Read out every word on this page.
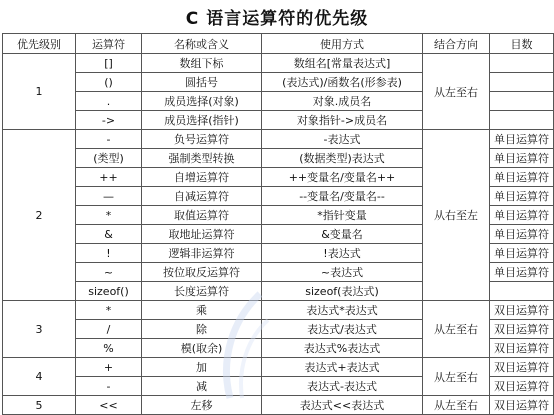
C 语言运算符的优先级
优先级别	运算符	名称或含义	使用方式	结合方向	目数
1	[]	数组下标	数组名[常量表达式]	从左至右	
	()	圆括号	(表达式)/函数名(形参表)		
	.	成员选择(对象)	对象.成员名		
	->	成员选择(指针)	对象指针->成员名		
2	-	负号运算符	-表达式	从右至左	单目运算符
	(类型)	强制类型转换	(数据类型)表达式		单目运算符
	++	自增运算符	++变量名/变量名++		单目运算符
	—	自减运算符	--变量名/变量名--		单目运算符
	*	取值运算符	*指针变量		单目运算符
	&	取地址运算符	&变量名		单目运算符
	!	逻辑非运算符	!表达式		单目运算符
	~	按位取反运算符	~表达式		单目运算符
	sizeof()	长度运算符	sizeof(表达式)		
3	*	乘	表达式*表达式	从左至右	双目运算符
	/	除	表达式/表达式		双目运算符
	%	模(取余)	表达式%表达式		双目运算符
4	+	加	表达式+表达式	从左至右	双目运算符
	-	减	表达式-表达式		双目运算符
5	<<	左移	表达式<<表达式	从左至右	双目运算符
